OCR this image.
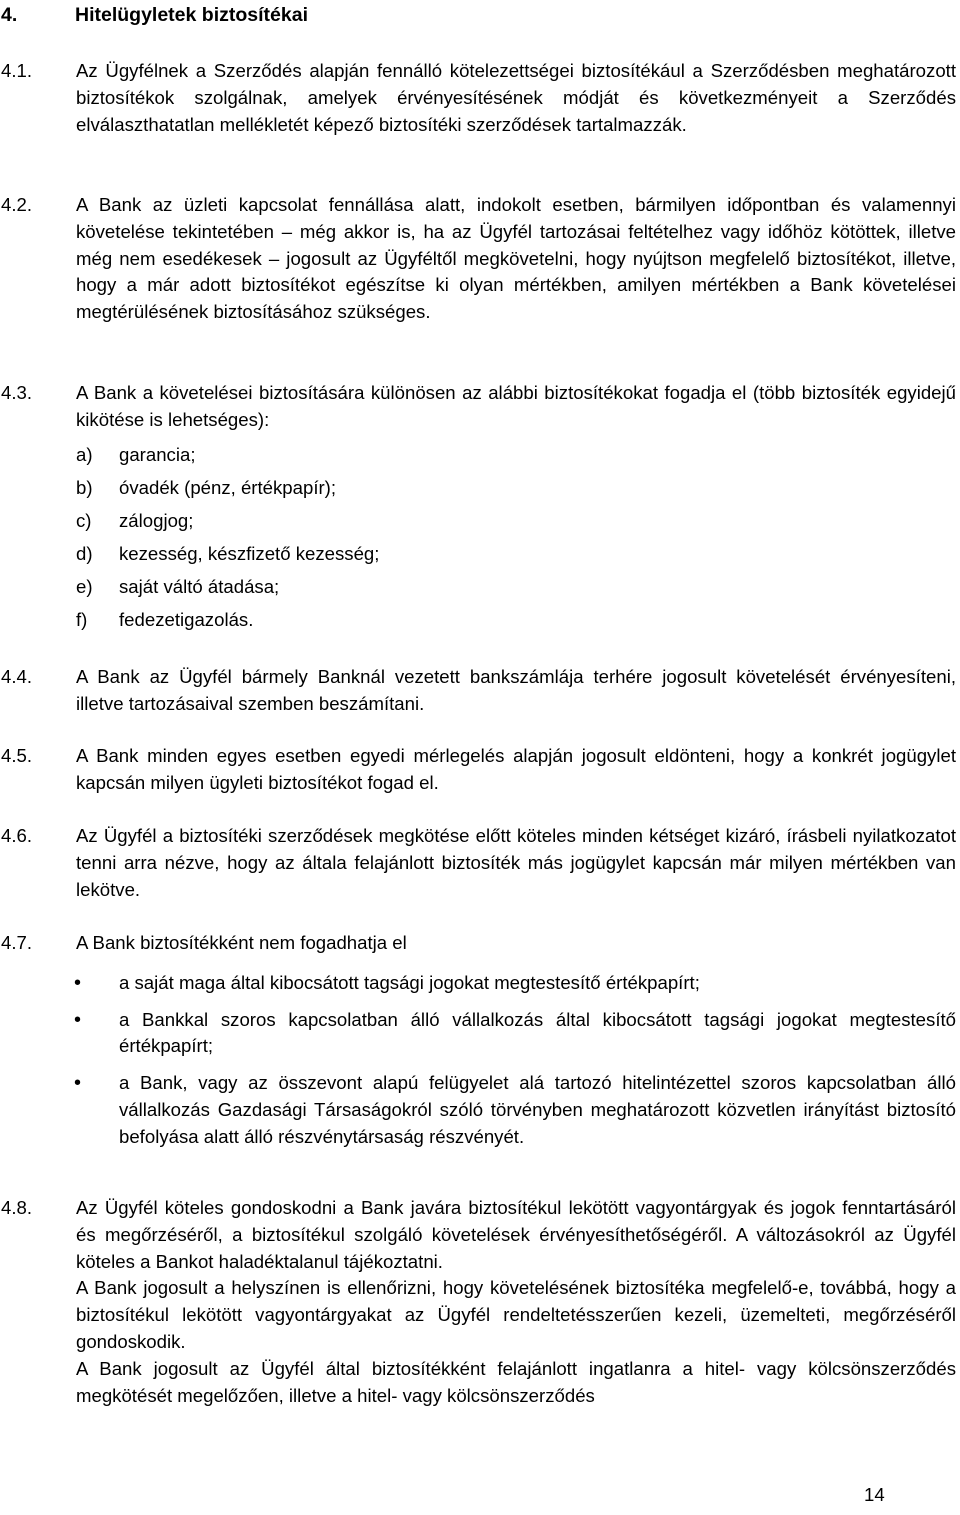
4.	Hitelügyletek biztosítékai
4.1. Az Ügyfélnek a Szerződés alapján fennálló kötelezettségei biztosítékául a Szerződésben meghatározott biztosítékok szolgálnak, amelyek érvényesítésének módját és következményeit a Szerződés elválaszthatatlan mellékletét képező biztosítéki szerződések tartalmazzák.

4.2. A Bank az üzleti kapcsolat fennállása alatt, indokolt esetben, bármilyen időpontban és valamennyi követelése tekintetében – még akkor is, ha az Ügyfél tartozásai feltételhez vagy időhöz kötöttek, illetve még nem esedékesek – jogosult az Ügyféltől megkövetelni, hogy nyújtson megfelelő biztosítékot, illetve, hogy a már adott biztosítékot egészítse ki olyan mértékben, amilyen mértékben a Bank követelései megtérülésének biztosításához szükséges.

4.3. A Bank a követelései biztosítására különösen az alábbi biztosítékokat fogadja el (több biztosíték egyidejű kikötése is lehetséges):

a) garancia;
b) óvadék (pénz, értékpapír);
c) zálogjog;
d) kezesség, készfizető kezesség;
e) saját váltó átadása;
f) fedezetigazolás.
4.4. A Bank az Ügyfél bármely Banknál vezetett bankszámlája terhére jogosult követelését érvényesíteni, illetve tartozásaival szemben beszámítani.

4.5. A Bank minden egyes esetben egyedi mérlegelés alapján jogosult eldönteni, hogy a konkrét jogügylet kapcsán milyen ügyleti biztosítékot fogad el.

4.6. Az Ügyfél a biztosítéki szerződések megkötése előtt köteles minden kétséget kizáró, írásbeli nyilatkozatot tenni arra nézve, hogy az általa felajánlott biztosíték más jogügylet kapcsán már milyen mértékben van lekötve.

4.7. A Bank biztosítékként nem fogadhatja el

• a saját maga által kibocsátott tagsági jogokat megtestesítő értékpapírt;
• a Bankkal szoros kapcsolatban álló vállalkozás által kibocsátott tagsági jogokat megtestesítő értékpapírt;
• a Bank, vagy az összevont alapú felügyelet alá tartozó hitelintézettel szoros kapcsolatban álló vállalkozás Gazdasági Társaságokról szóló törvényben meghatározott közvetlen irányítást biztosító befolyása alatt álló részvénytársaság részvényét.
4.8. Az Ügyfél köteles gondoskodni a Bank javára biztosítékul lekötött vagyontárgyak és jogok fenntartásáról és megőrzéséről, a biztosítékul szolgáló követelések érvényesíthetőségéről. A változásokról az Ügyfél köteles a Bankot haladéktalanul tájékoztatni.

A Bank jogosult a helyszínen is ellenőrizni, hogy követelésének biztosítéka megfelelő-e, továbbá, hogy a biztosítékul lekötött vagyontárgyakat az Ügyfél rendeltetésszerűen kezeli, üzemelteti, megőrzéséről gondoskodik.

A Bank jogosult az Ügyfél által biztosítékként felajánlott ingatlanra a hitel- vagy kölcsönszerződés megkötését megelőzően, illetve a hitel- vagy kölcsönszerződés

14
